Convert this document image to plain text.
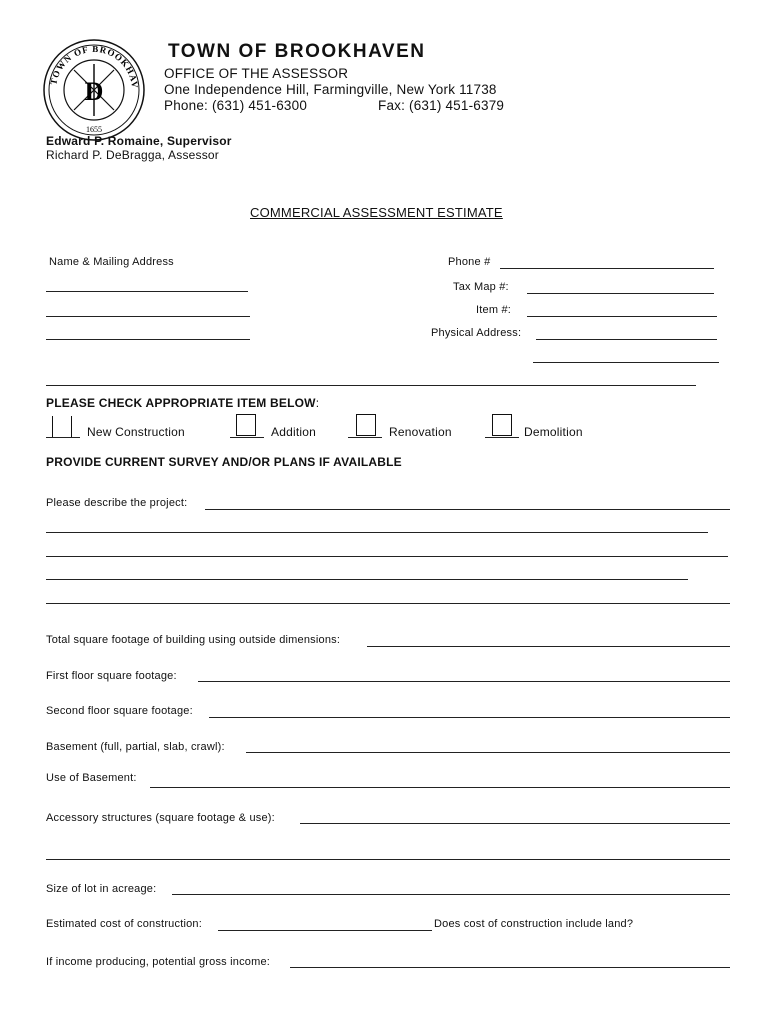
TOWN OF BROOKHAV
1655
D
TOWN OF BROOKHAVEN
OFFICE OF THE ASSESSOR
One Independence Hill, Farmingville, New York 11738
Phone: (631) 451-6300	Fax: (631) 451-6379
Edward P. Romaine, Supervisor
Richard P. DeBragga, Assessor
COMMERCIAL ASSESSMENT ESTIMATE
Name & Mailing Address	Phone #
Tax Map #:
Item #:
Physical Address:
PLEASE CHECK APPROPRIATE ITEM BELOW:
New Construction	Addition	Renovation	Demolition
PROVIDE CURRENT SURVEY AND/OR PLANS IF AVAILABLE
Please describe the project:
Total square footage of building using outside dimensions:
First floor square footage:
Second floor square footage:
Basement (full, partial, slab, crawl):
Use of Basement:
Accessory structures (square footage & use):
Size of lot in acreage:
Estimated cost of construction:	Does cost of construction include land?
If income producing, potential gross income:
